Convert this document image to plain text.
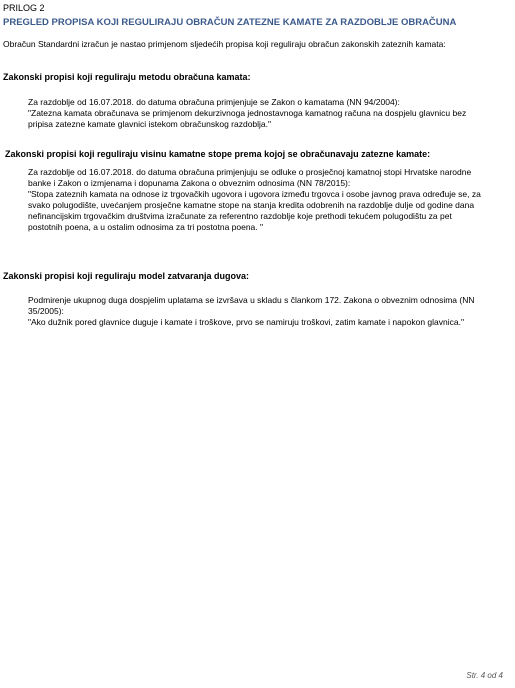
PRILOG 2
PREGLED PROPISA KOJI REGULIRAJU OBRAČUN ZATEZNE KAMATE ZA RAZDOBLJE OBRAČUNA
Obračun Standardni izračun je nastao primjenom sljedećih propisa koji reguliraju obračun zakonskih zateznih kamata:
Zakonski propisi koji reguliraju metodu obračuna kamata:

Za razdoblje od 16.07.2018. do datuma obračuna primjenjuje se Zakon o kamatama (NN 94/2004):

"Zatezna kamata obračunava se primjenom dekurzivnoga jednostavnoga kamatnog računa na dospjelu glavnicu bez pripisa zatezne kamate glavnici istekom obračunskog razdoblja."

Zakonski propisi koji reguliraju visinu kamatne stope prema kojoj se obračunavaju zatezne kamate:

Za razdoblje od 16.07.2018. do datuma obračuna primjenjuju se odluke o prosječnoj kamatnoj stopi Hrvatske narodne banke i Zakon o izmjenama i dopunama Zakona o obveznim odnosima (NN 78/2015):

"Stopa zateznih kamata na odnose iz trgovačkih ugovora i ugovora između trgovca i osobe javnog prava određuje se, za svako polugodište, uvećanjem prosječne kamatne stope na stanja kredita odobrenih na razdoblje dulje od godine dana nefinancijskim trgovačkim društvima izračunate za referentno razdoblje koje prethodi tekućem polugodištu za pet postotnih poena, a u ostalim odnosima za tri postotna poena. "

Zakonski propisi koji reguliraju model zatvaranja dugova:

Podmirenje ukupnog duga dospjelim uplatama se izvršava u skladu s člankom 172. Zakona o obveznim odnosima (NN 35/2005):

"Ako dužnik pored glavnice duguje i kamate i troškove, prvo se namiruju troškovi, zatim kamate i napokon glavnica."

Str. 4 od 4
